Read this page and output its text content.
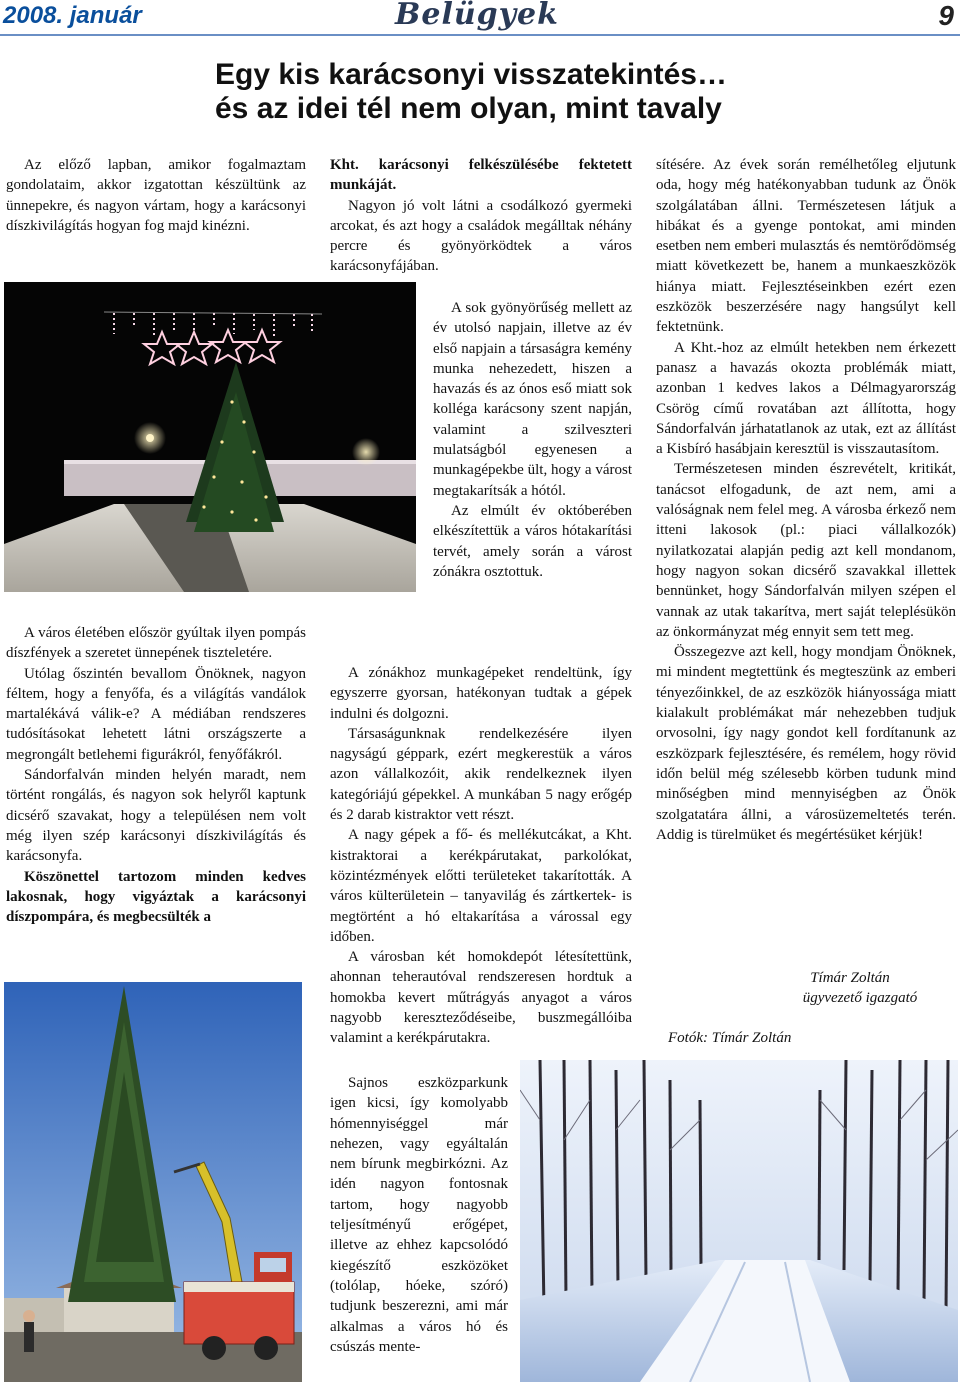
2008. január	Belügyek	9
Egy kis karácsonyi visszatekintés…
és az idei tél nem olyan, mint tavaly

Az előző lapban, amikor fogalmaztam gondolataim, akkor izgatottan készültünk az ünnepekre, és nagyon vártam, hogy a karácsonyi díszkivilágítás hogyan fog majd kinézni.

A város életében először gyúltak ilyen pompás díszfények a szeretet ünnepének tiszteletére.

Utólag őszintén bevallom Önöknek, nagyon féltem, hogy a fenyőfa, és a világítás vandálok martalékává válik-e? A médiában rendszeres tudósításokat lehetett látni országszerte a megrongált betlehemi figurákról, fenyőfákról.

Sándorfalván minden helyén maradt, nem történt rongálás, és nagyon sok helyről kaptunk dicsérő szavakat, hogy a településen nem volt még ilyen szép karácsonyi díszkivilágítás és karácsonyfa.

Köszönettel tartozom minden kedves lakosnak, hogy vigyáztak a karácsonyi díszpompára, és megbecsülték a

Kht. karácsonyi felkészülésébe fektetett munkáját.

Nagyon jó volt látni a csodálkozó gyermeki arcokat, és azt hogy a családok megálltak néhány percre és gyönyörködtek a város karácsonyfájában.

A sok gyönyörűség mellett az év utolsó napjain, illetve az év első napjain a társaságra kemény munka nehezedett, hiszen a havazás és az ónos eső miatt sok kolléga karácsony szent napján, valamint a szilveszteri mulatságból egyenesen a munkagépekbe ült, hogy a várost megtakarítsák a hótól.

Az elmúlt év októberében elkészítettük a város hótakarítási tervét, amely során a várost zónákra osztottuk.

A zónákhoz munkagépeket rendeltünk, így egyszerre gyorsan, hatékonyan tudtak a gépek indulni és dolgozni.

Társaságunknak rendelkezésére ilyen nagyságú géppark, ezért megkerestük a város azon vállalkozóit, akik rendelkeznek ilyen kategóriájú gépekkel. A munkában 5 nagy erőgép és 2 darab kistraktor vett részt.

A nagy gépek a fő- és mellékutcákat, a Kht. kistraktorai a kerékpárutakat, parkolókat, közintézmények előtti területeket takarították. A város külterületein – tanyavilág és zártkertek- is megtörtént a hó eltakarítása a várossal egy időben.

A városban két homokdepót létesítettünk, ahonnan teherautóval rendszeresen hordtuk a homokba kevert műtrágyás anyagot a város nagyobb kereszteződéseibe, buszmegállóiba valamint a kerékpárutakra.

Sajnos eszközparkunk igen kicsi, így komolyabb hómennyiséggel már nehezen, vagy egyáltalán nem bírunk megbirkózni. Az idén nagyon fontosnak tartom, hogy nagyobb teljesítményű erőgépet, illetve az ehhez kapcsolódó kiegészítő eszközöket (tolólap, hóeke, szóró) tudjunk beszerezni, ami már alkalmas a város hó és csúszás mente-

sítésére. Az évek során remélhetőleg eljutunk oda, hogy még hatékonyabban tudunk az Önök szolgálatában állni. Természetesen látjuk a hibákat és a gyenge pontokat, ami minden esetben nem emberi mulasztás és nemtörődömség miatt következett be, hanem a munkaeszközök hiánya miatt. Fejlesztéseinkben ezért ezen eszközök beszerzésére nagy hangsúlyt kell fektetnünk.

A Kht.-hoz az elmúlt hetekben nem érkezett panasz a havazás okozta problémák miatt, azonban 1 kedves lakos a Délmagyarország Csörög című rovatában azt állította, hogy Sándorfalván járhatatlanok az utak, ezt az állítást a Kisbíró hasábjain keresztül is visszautasítom.

Természetesen minden észrevételt, kritikát, tanácsot elfogadunk, de azt nem, ami a valóságnak nem felel meg. A városba érkező nem itteni lakosok (pl.: piaci vállalkozók) nyilatkozatai alapján pedig azt kell mondanom, hogy nagyon sokan dicsérő szavakkal illettek bennünket, hogy Sándorfalván milyen szépen el vannak az utak takarítva, mert saját teleplésükön az önkormányzat még ennyit sem tett meg.

Összegezve azt kell, hogy mondjam Önöknek, mi mindent megtettünk és megteszünk az emberi tényezőinkkel, de az eszközök hiányossága miatt kialakult problémákat már nehezebben tudjuk orvosolni, így nagy gondot kell fordítanunk az eszközpark fejlesztésére, és remélem, hogy rövid időn belül még szélesebb körben tudunk mind minőségben mind mennyiségben az Önök szolgatatára állni, a városüzemeltetés terén. Addig is türelmüket és megértésüket kérjük!

Tímár Zoltán
ügyvezető igazgató
Fotók: Tímár Zoltán
